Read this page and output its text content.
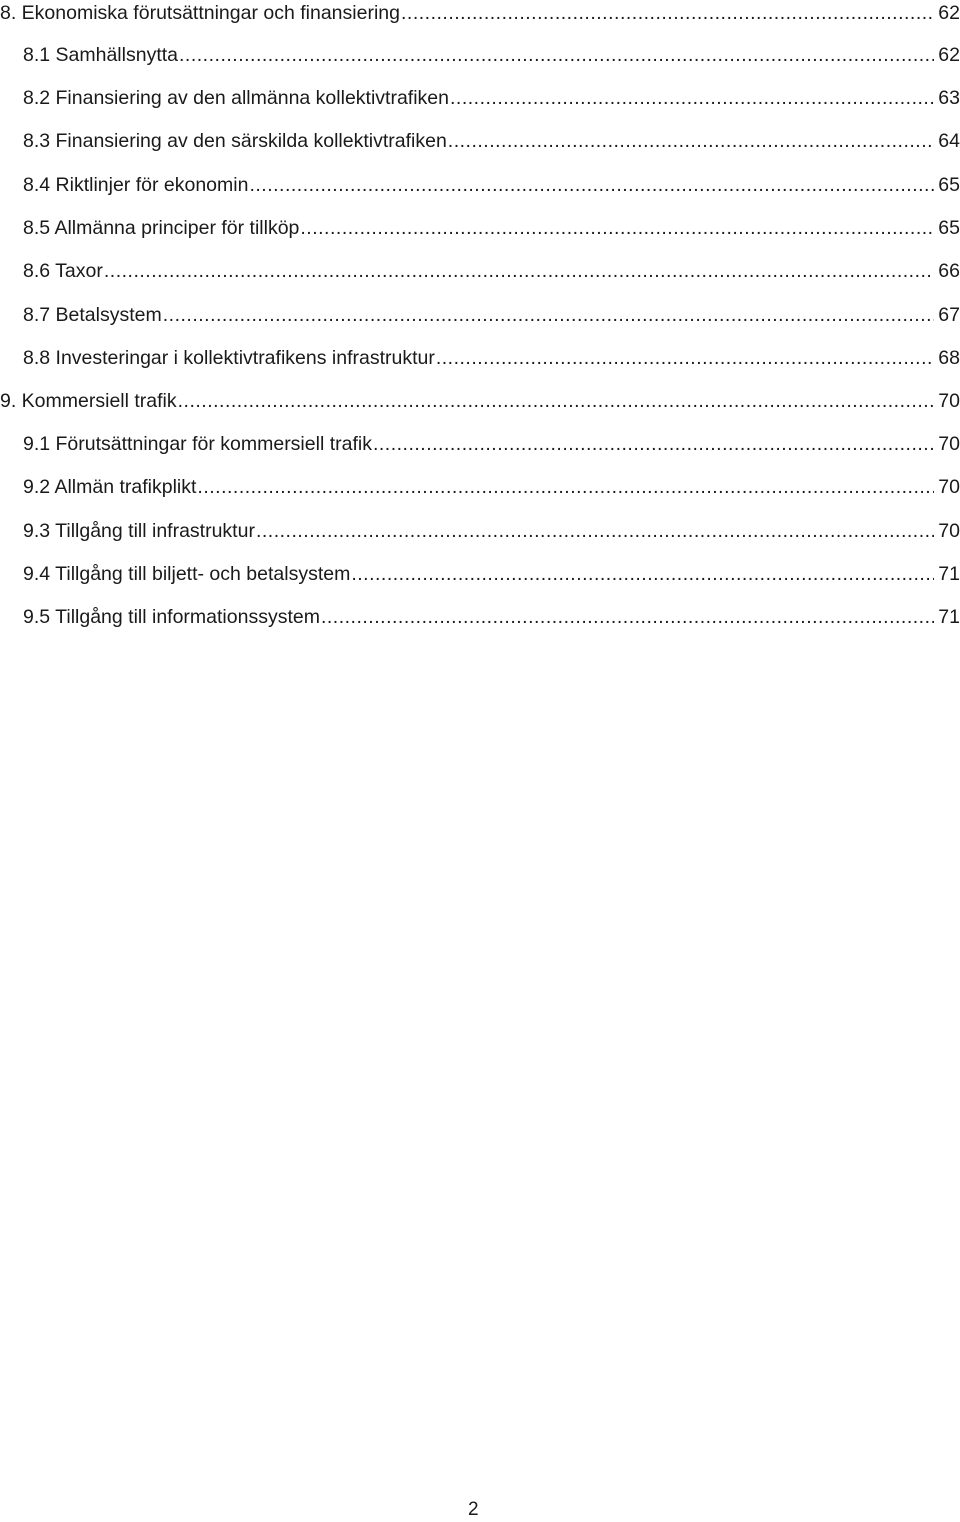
8. Ekonomiska förutsättningar och finansiering .....	62
8.1 Samhällsnytta .....	62
8.2 Finansiering av den allmänna kollektivtrafiken .....	63
8.3 Finansiering av den särskilda kollektivtrafiken .....	64
8.4 Riktlinjer för ekonomin .....	65
8.5 Allmänna principer för tillköp .....	65
8.6 Taxor .....	66
8.7 Betalsystem .....	67
8.8 Investeringar i kollektivtrafikens infrastruktur .....	68
9. Kommersiell trafik .....	70
9.1 Förutsättningar för kommersiell trafik .....	70
9.2 Allmän trafikplikt .....	70
9.3 Tillgång till infrastruktur .....	70
9.4 Tillgång till biljett- och betalsystem .....	71
9.5 Tillgång till informationssystem .....	71
2
